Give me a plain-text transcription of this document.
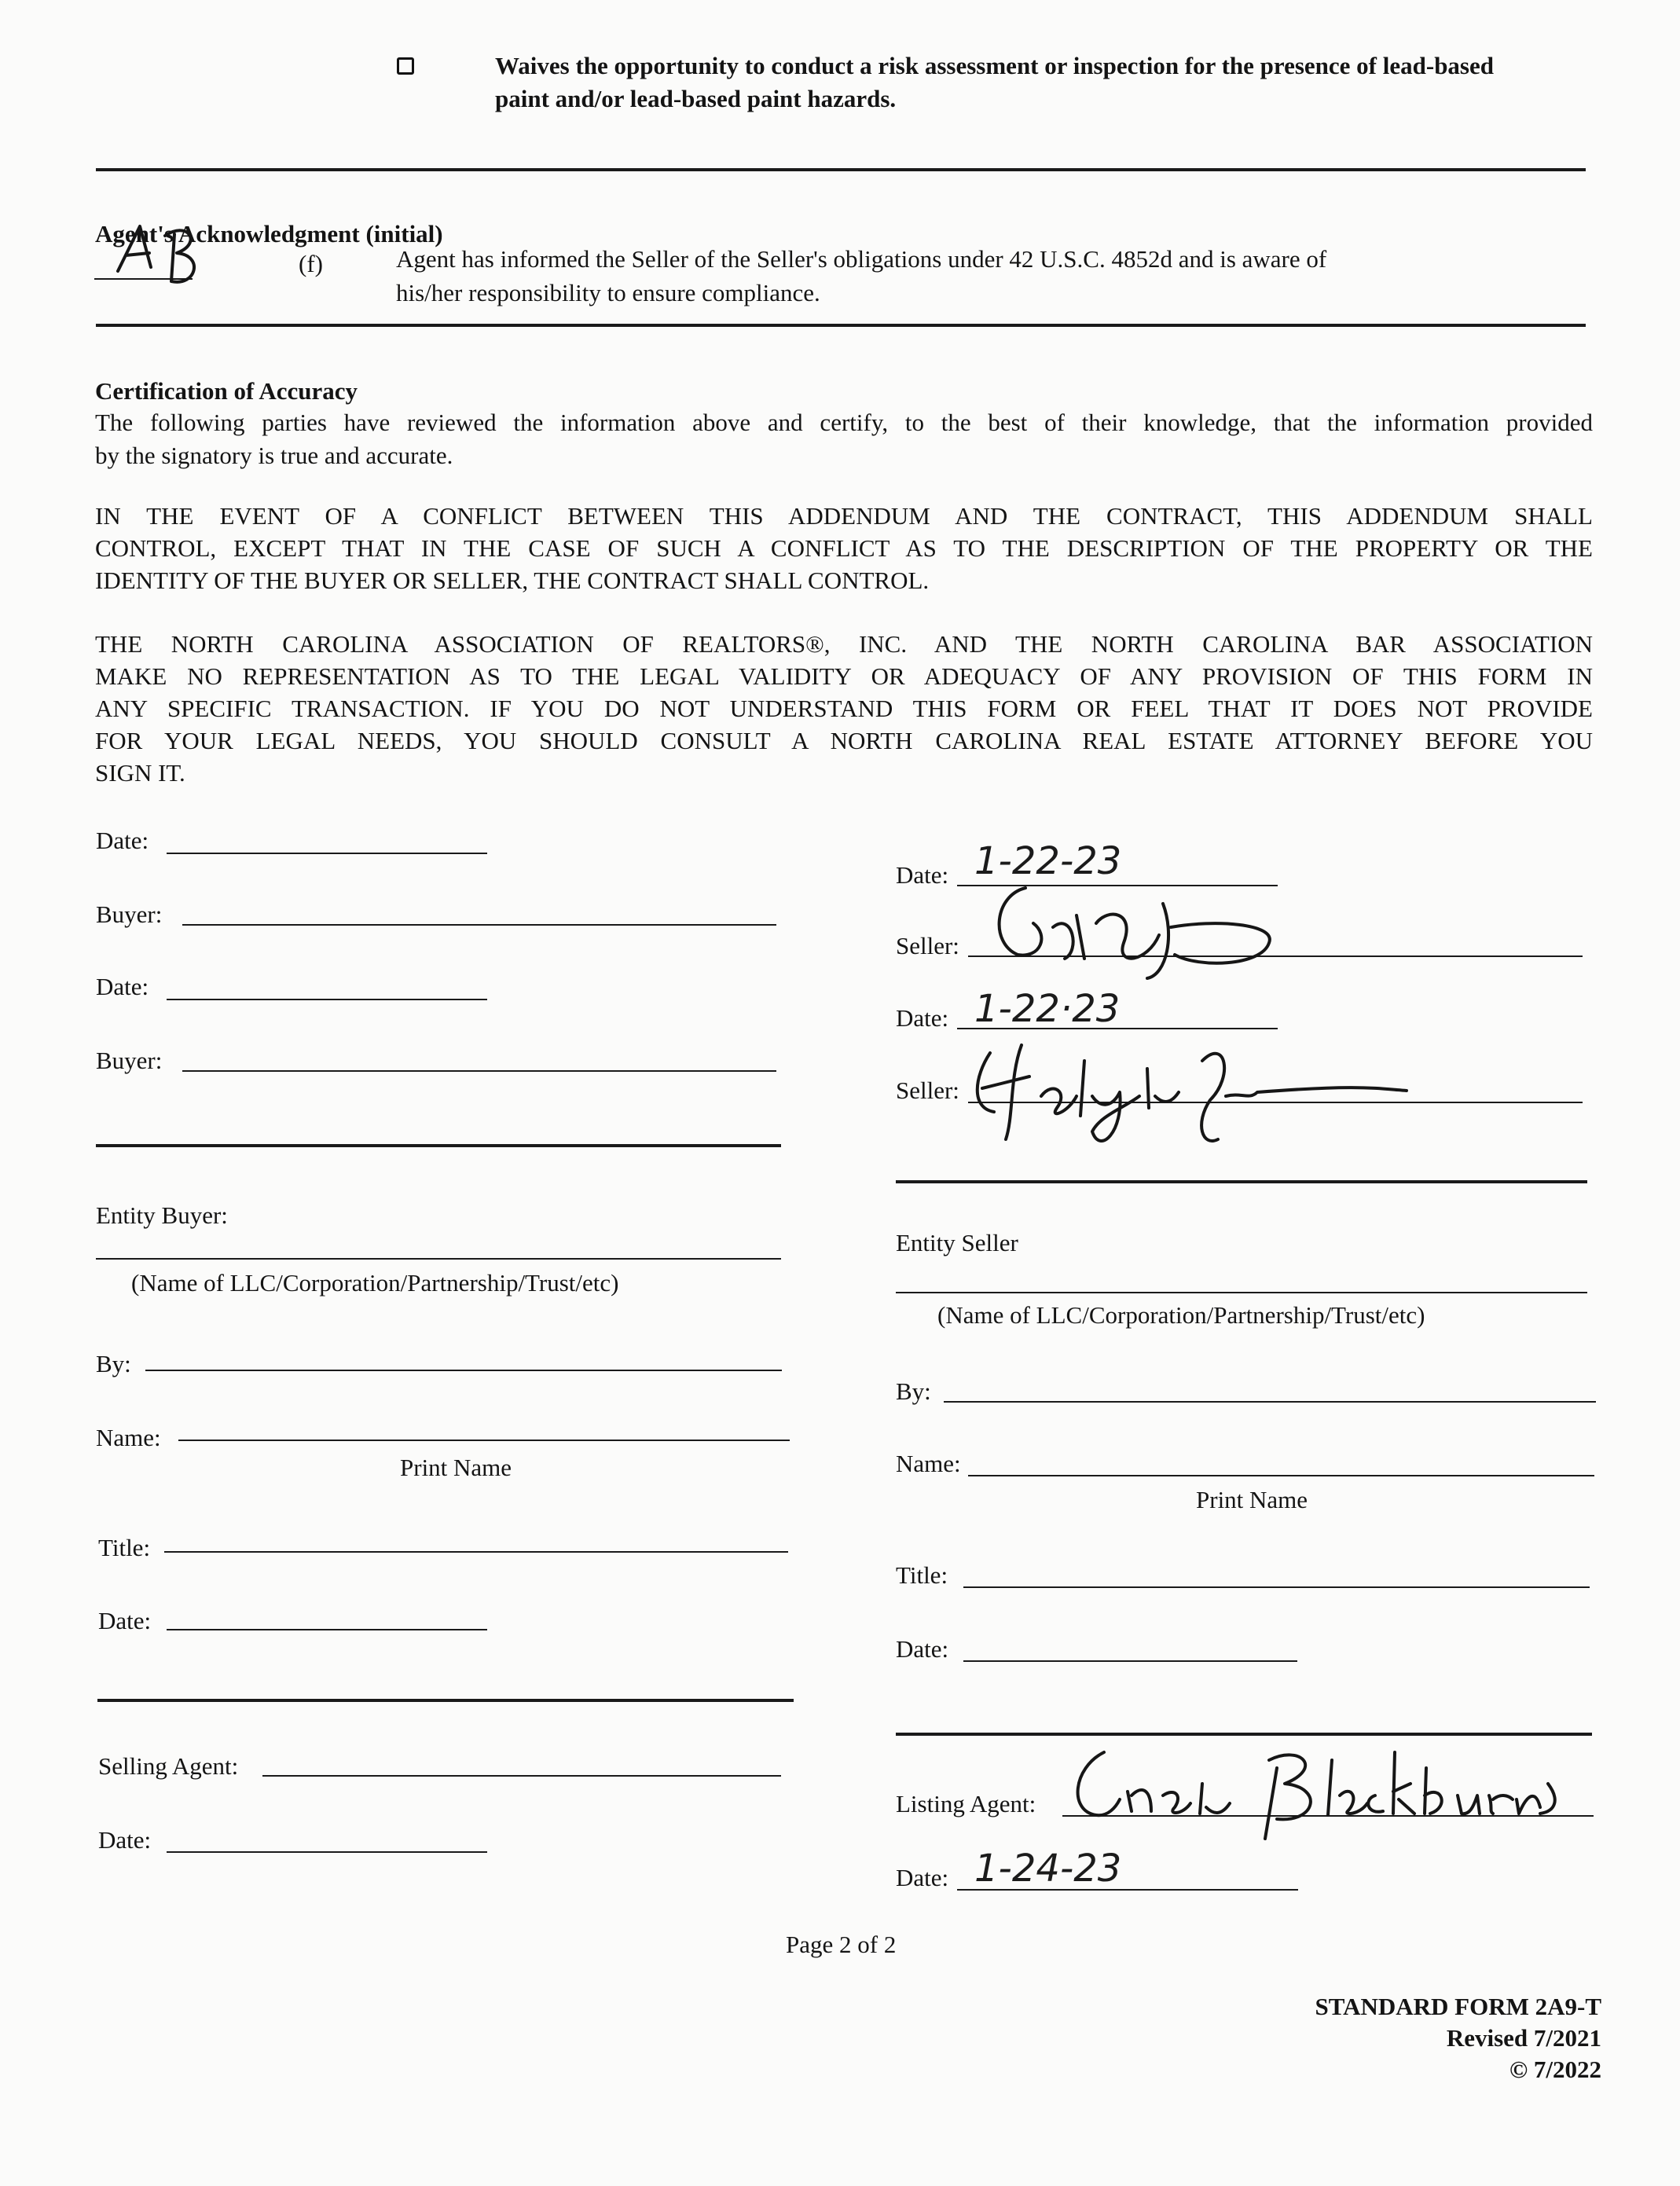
Waives the opportunity to conduct a risk assessment or inspection for the presence of lead-based
paint and/or lead-based paint hazards.
Agent's Acknowledgment (initial)
(f)	Agent has informed the Seller of the Seller's obligations under 42 U.S.C. 4852d and is aware of
his/her responsibility to ensure compliance.
Certification of Accuracy
The following parties have reviewed the information above and certify, to the best of their knowledge, that the information provided
by the signatory is true and accurate.
IN THE EVENT OF A CONFLICT BETWEEN THIS ADDENDUM AND THE CONTRACT, THIS ADDENDUM SHALL
CONTROL, EXCEPT THAT IN THE CASE OF SUCH A CONFLICT AS TO THE DESCRIPTION OF THE PROPERTY OR THE
IDENTITY OF THE BUYER OR SELLER, THE CONTRACT SHALL CONTROL.
THE NORTH CAROLINA ASSOCIATION OF REALTORS®, INC. AND THE NORTH CAROLINA BAR ASSOCIATION
MAKE NO REPRESENTATION AS TO THE LEGAL VALIDITY OR ADEQUACY OF ANY PROVISION OF THIS FORM IN
ANY SPECIFIC TRANSACTION. IF YOU DO NOT UNDERSTAND THIS FORM OR FEEL THAT IT DOES NOT PROVIDE
FOR YOUR LEGAL NEEDS, YOU SHOULD CONSULT A NORTH CAROLINA REAL ESTATE ATTORNEY BEFORE YOU
SIGN IT.
Date:
Buyer:
Date:
Buyer:
Entity Buyer:
(Name of LLC/Corporation/Partnership/Trust/etc)
By:
Name:
Print Name
Title:
Date:
Selling Agent:
Date:
Date: 1-22-23
Seller:
Date: 1-22·23
Seller:
Entity Seller
(Name of LLC/Corporation/Partnership/Trust/etc)
By:
Name:
Print Name
Title:
Date:
Listing Agent:
Date: 1-24-23
Page 2 of 2
STANDARD FORM 2A9-T
Revised 7/2021
© 7/2022
